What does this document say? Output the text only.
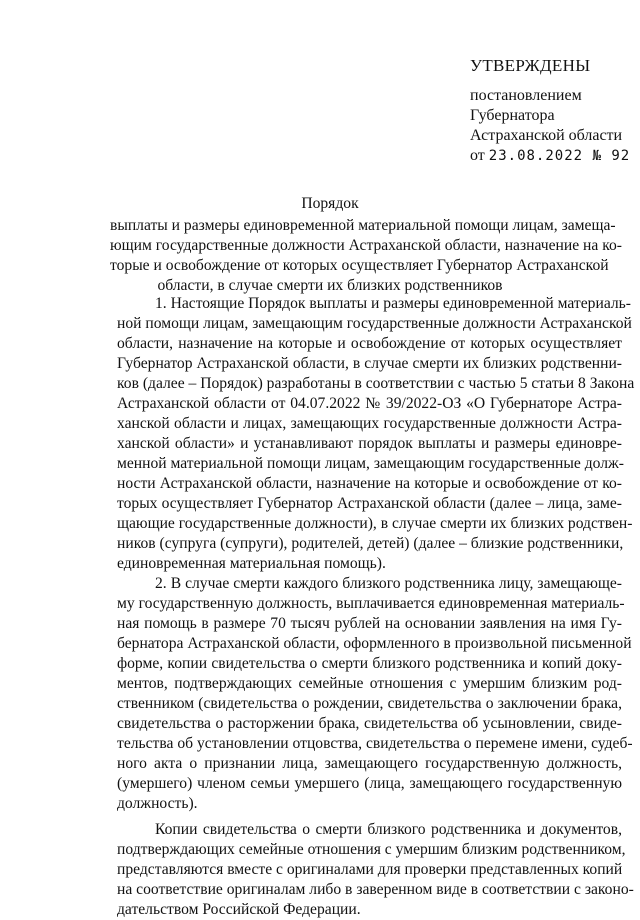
УТВЕРЖДЕНЫ
постановлением
Губернатора
Астраханской области
от 23.08.2022 № 92
Порядок
выплаты и размеры единовременной материальной помощи лицам, замеща-
ющим государственные должности Астраханской области, назначение на ко-
торые и освобождение от которых осуществляет Губернатор Астраханской
области, в случае смерти их близких родственников
1. Настоящие Порядок выплаты и размеры единовременной материаль-
ной помощи лицам, замещающим государственные должности Астраханской
области, назначение на которые и освобождение от которых осуществляет
Губернатор Астраханской области, в случае смерти их близких родственни-
ков (далее – Порядок) разработаны в соответствии с частью 5 статьи 8 Закона
Астраханской области от 04.07.2022 № 39/2022-ОЗ «О Губернаторе Астра-
ханской области и лицах, замещающих государственные должности Астра-
ханской области» и устанавливают порядок выплаты и размеры единовре-
менной материальной помощи лицам, замещающим государственные долж-
ности Астраханской области, назначение на которые и освобождение от ко-
торых осуществляет Губернатор Астраханской области (далее – лица, заме-
щающие государственные должности), в случае смерти их близких родствен-
ников (супруга (супруги), родителей, детей) (далее – близкие родственники,
единовременная материальная помощь).
2. В случае смерти каждого близкого родственника лицу, замещающе-
му государственную должность, выплачивается единовременная материаль-
ная помощь в размере 70 тысяч рублей на основании заявления на имя Гу-
бернатора Астраханской области, оформленного в произвольной письменной
форме, копии свидетельства о смерти близкого родственника и копий доку-
ментов, подтверждающих семейные отношения с умершим близким род-
ственником (свидетельства о рождении, свидетельства о заключении брака,
свидетельства о расторжении брака, свидетельства об усыновлении, свиде-
тельства об установлении отцовства, свидетельства о перемене имени, судеб-
ного акта о признании лица, замещающего государственную должность,
(умершего) членом семьи умершего (лица, замещающего государственную
должность).
Копии свидетельства о смерти близкого родственника и документов,
подтверждающих семейные отношения с умершим близким родственником,
представляются вместе с оригиналами для проверки представленных копий
на соответствие оригиналам либо в заверенном виде в соответствии с законо-
дательством Российской Федерации.
